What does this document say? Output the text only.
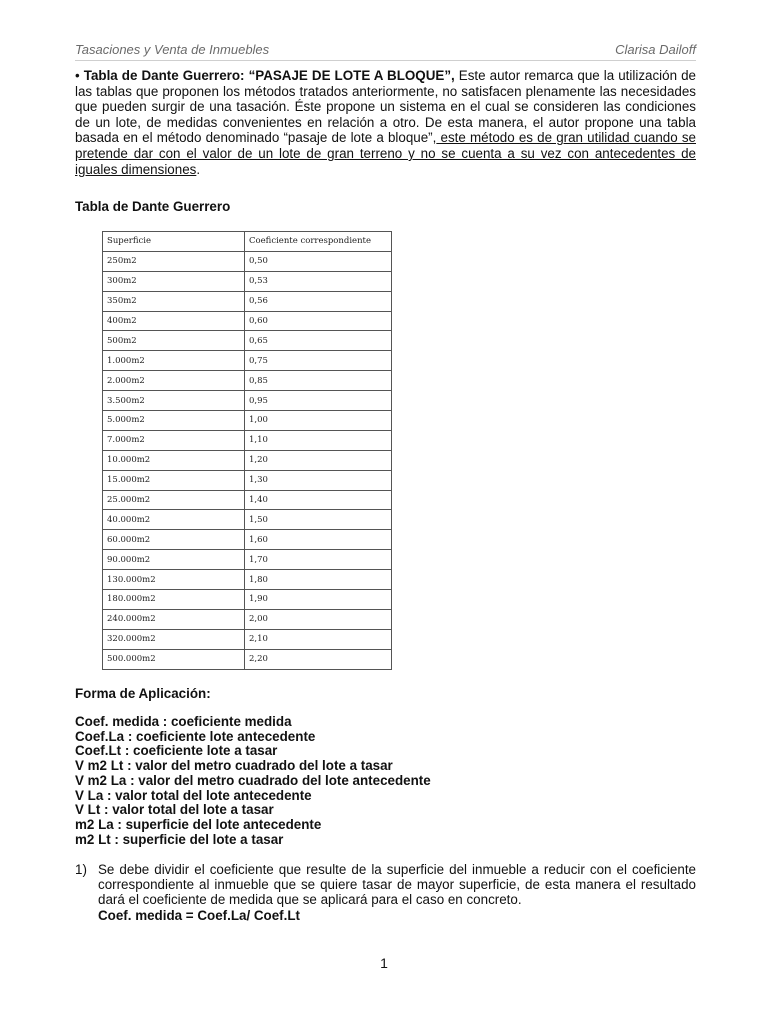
Tasaciones y Venta de Inmuebles	Clarisa Dailoff
• Tabla de Dante Guerrero: “PASAJE DE LOTE A BLOQUE”, Este autor remarca que la utilización de las tablas que proponen los métodos tratados anteriormente, no satisfacen plenamente las necesidades que pueden surgir de una tasación. Éste propone un sistema en el cual se consideren las condiciones de un lote, de medidas convenientes en relación a otro. De esta manera, el autor propone una tabla basada en el método denominado “pasaje de lote a bloque”, este método es de gran utilidad cuando se pretende dar con el valor de un lote de gran terreno y no se cuenta a su vez con antecedentes de iguales dimensiones.
Tabla de Dante Guerrero
Superficie	Coeficiente correspondiente
250m2	0,50
300m2	0,53
350m2	0,56
400m2	0,60
500m2	0,65
1.000m2	0,75
2.000m2	0,85
3.500m2	0,95
5.000m2	1,00
7.000m2	1,10
10.000m2	1,20
15.000m2	1,30
25.000m2	1,40
40.000m2	1,50
60.000m2	1,60
90.000m2	1,70
130.000m2	1,80
180.000m2	1,90
240.000m2	2,00
320.000m2	2,10
500.000m2	2,20
Forma de Aplicación:
Coef. medida : coeficiente medida
Coef.La : coeficiente lote antecedente
Coef.Lt : coeficiente lote a tasar
V m2 Lt : valor del metro cuadrado del lote a tasar
V m2 La : valor del metro cuadrado del lote antecedente
V La : valor total del lote antecedente
V Lt : valor total del lote a tasar
m2 La : superficie del lote antecedente
m2 Lt : superficie del lote a tasar
1) Se debe dividir el coeficiente que resulte de la superficie del inmueble a reducir con el coeficiente correspondiente al inmueble que se quiere tasar de mayor superficie, de esta manera el resultado dará el coeficiente de medida que se aplicará para el caso en concreto.
Coef. medida = Coef.La/ Coef.Lt
1
